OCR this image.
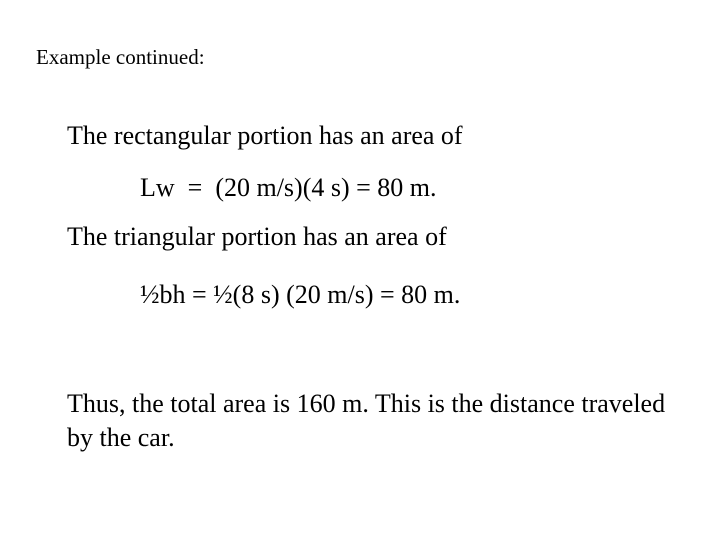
Example continued:
The rectangular portion has an area of
Lw  =  (20 m/s)(4 s) = 80 m.
The triangular portion has an area of
½bh = ½(8 s) (20 m/s) = 80 m.
Thus, the total area is 160 m. This is the distance traveled by the car.
